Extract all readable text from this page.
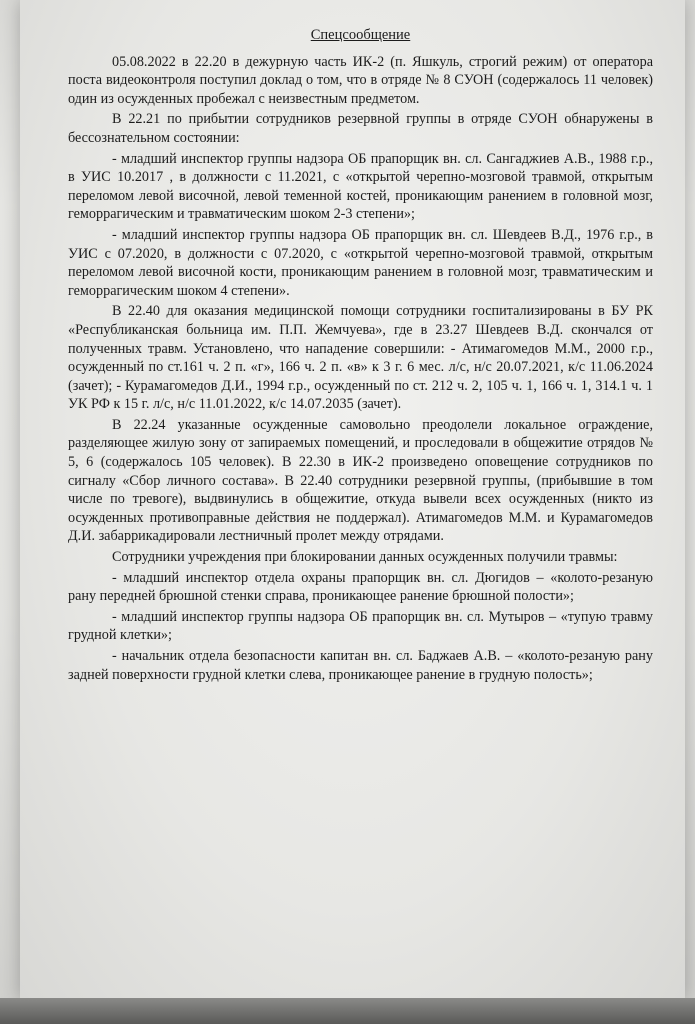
Спецсообщение

05.08.2022 в 22.20 в дежурную часть ИК-2 (п. Яшкуль, строгий режим) от оператора поста видеоконтроля поступил доклад о том, что в отряде № 8 СУОН (содержалось 11 человек) один из осужденных пробежал с неизвестным предметом.

В 22.21 по прибытии сотрудников резервной группы в отряде СУОН обнаружены в бессознательном состоянии:

- младший инспектор группы надзора ОБ прапорщик вн. сл. Сангаджиев А.В., 1988 г.р., в УИС 10.2017 , в должности с 11.2021, с «открытой черепно-мозговой травмой, открытым переломом левой височной, левой теменной костей, проникающим ранением в головной мозг, геморрагическим и травматическим шоком 2-3 степени»;

- младший инспектор группы надзора ОБ прапорщик вн. сл. Шевдеев В.Д., 1976 г.р., в УИС с 07.2020, в должности с 07.2020, с «открытой черепно-мозговой травмой, открытым переломом левой височной кости, проникающим ранением в головной мозг, травматическим и геморрагическим шоком 4 степени».

В 22.40 для оказания медицинской помощи сотрудники госпитализированы в БУ РК «Республиканская больница им. П.П. Жемчуева», где в 23.27 Шевдеев В.Д. скончался от полученных травм. Установлено, что нападение совершили: - Атимагомедов М.М., 2000 г.р., осужденный по ст.161 ч. 2 п. «г», 166 ч. 2 п. «в» к 3 г. 6 мес. л/с, н/с 20.07.2021, к/с 11.06.2024 (зачет); - Курамагомедов Д.И., 1994 г.р., осужденный по ст. 212 ч. 2, 105 ч. 1, 166 ч. 1, 314.1 ч. 1 УК РФ к 15 г. л/с, н/с 11.01.2022, к/с 14.07.2035 (зачет).

В 22.24 указанные осужденные самовольно преодолели локальное ограждение, разделяющее жилую зону от запираемых помещений, и проследовали в общежитие отрядов № 5, 6 (содержалось 105 человек). В 22.30 в ИК-2 произведено оповещение сотрудников по сигналу «Сбор личного состава». В 22.40 сотрудники резервной группы, (прибывшие в том числе по тревоге), выдвинулись в общежитие, откуда вывели всех осужденных (никто из осужденных противоправные действия не поддержал). Атимагомедов М.М. и Курамагомедов Д.И. забаррикадировали лестничный пролет между отрядами.

Сотрудники учреждения при блокировании данных осужденных получили травмы:

- младший инспектор отдела охраны прапорщик вн. сл. Дюгидов – «колото-резаную рану передней брюшной стенки справа, проникающее ранение брюшной полости»;

- младший инспектор группы надзора ОБ прапорщик вн. сл. Мутыров – «тупую травму грудной клетки»;

- начальник отдела безопасности капитан вн. сл. Баджаев А.В. – «колото-резаную рану задней поверхности грудной клетки слева, проникающее ранение в грудную полость»;
